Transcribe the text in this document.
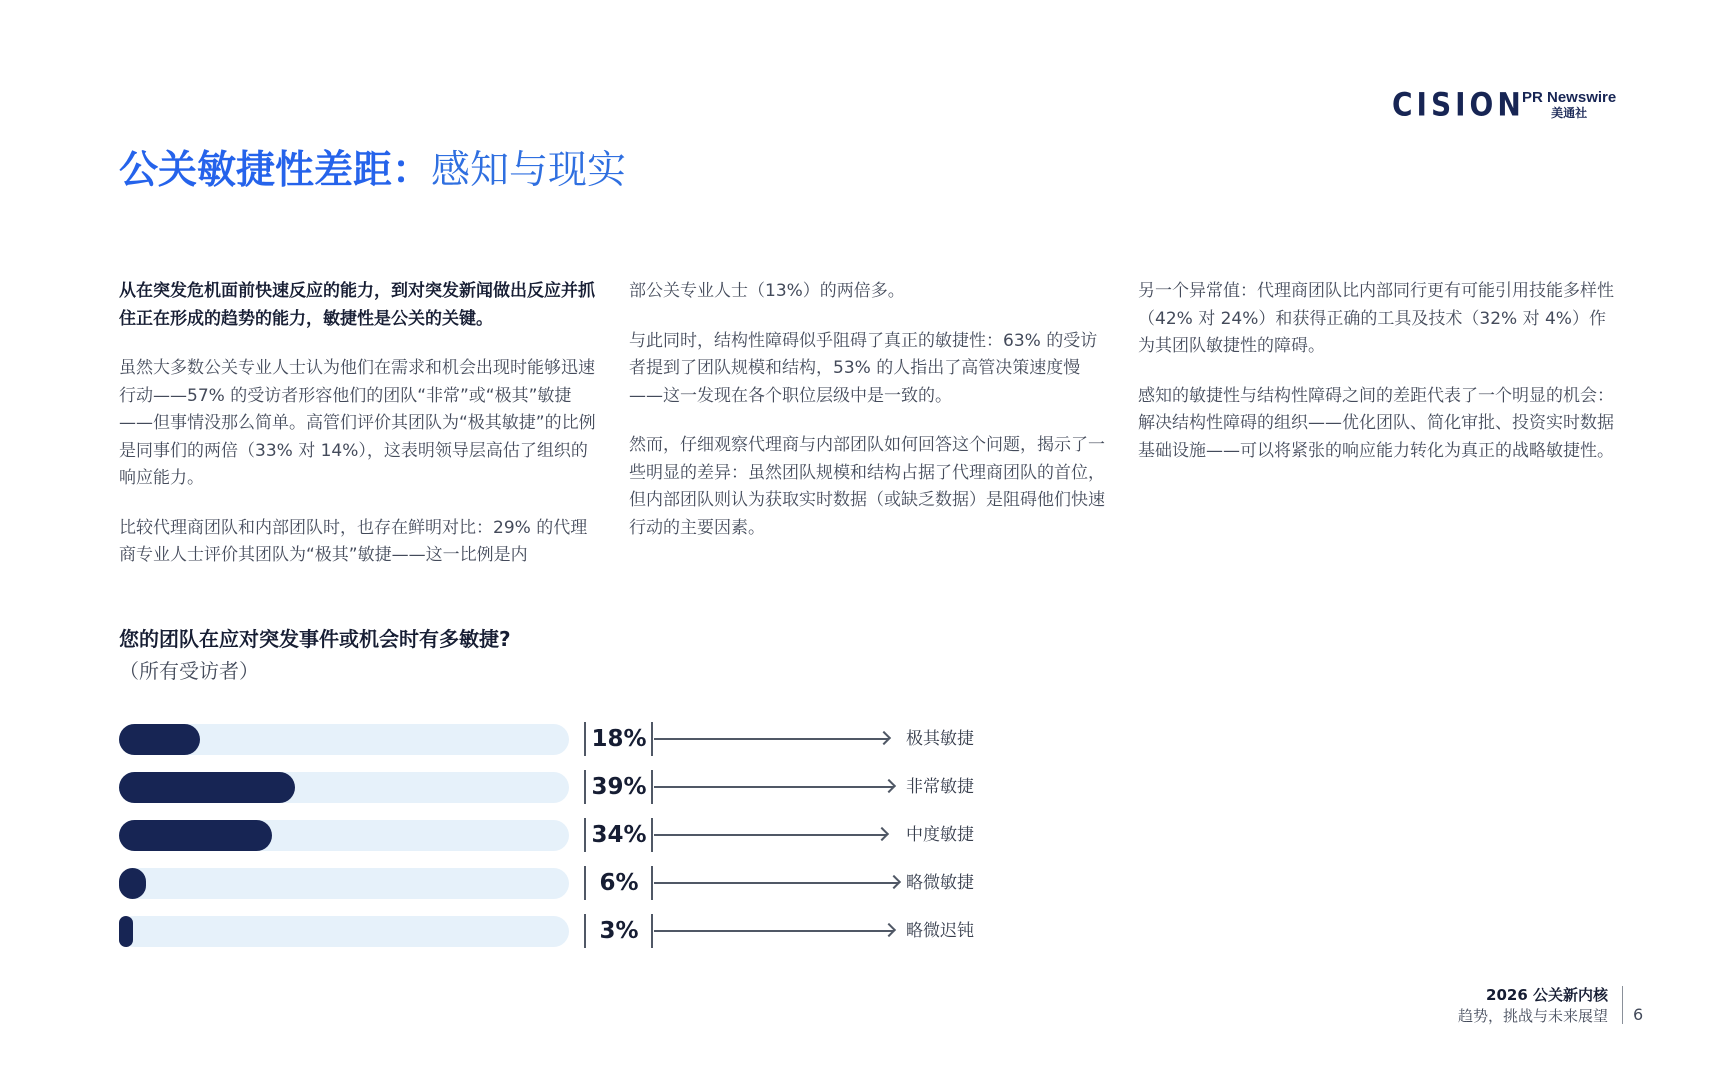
CISION
PR Newswire
美通社
公关敏捷性差距：感知与现实

从在突发危机面前快速反应的能力，到对突发新闻做出反应并抓住正在形成的趋势的能力，敏捷性是公关的关键。

虽然大多数公关专业人士认为他们在需求和机会出现时能够迅速行动——57% 的受访者形容他们的团队“非常”或“极其”敏捷——但事情没那么简单。高管们评价其团队为“极其敏捷”的比例是同事们的两倍（33% 对 14%），这表明领导层高估了组织的响应能力。

比较代理商团队和内部团队时，也存在鲜明对比：29% 的代理商专业人士评价其团队为“极其”敏捷——这一比例是内

部公关专业人士（13%）的两倍多。

与此同时，结构性障碍似乎阻碍了真正的敏捷性：63% 的受访者提到了团队规模和结构，53% 的人指出了高管决策速度慢——这一发现在各个职位层级中是一致的。

然而，仔细观察代理商与内部团队如何回答这个问题，揭示了一些明显的差异：虽然团队规模和结构占据了代理商团队的首位，但内部团队则认为获取实时数据（或缺乏数据）是阻碍他们快速行动的主要因素。

另一个异常值：代理商团队比内部同行更有可能引用技能多样性（42% 对 24%）和获得正确的工具及技术（32% 对 4%）作为其团队敏捷性的障碍。

感知的敏捷性与结构性障碍之间的差距代表了一个明显的机会：解决结构性障碍的组织——优化团队、简化审批、投资实时数据基础设施——可以将紧张的响应能力转化为真正的战略敏捷性。

您的团队在应对突发事件或机会时有多敏捷?

（所有受访者）

18%	极其敏捷
39%	非常敏捷
34%	中度敏捷
6%	略微敏捷
3%	略微迟钝
2026 公关新内核
趋势，挑战与未来展望 6
